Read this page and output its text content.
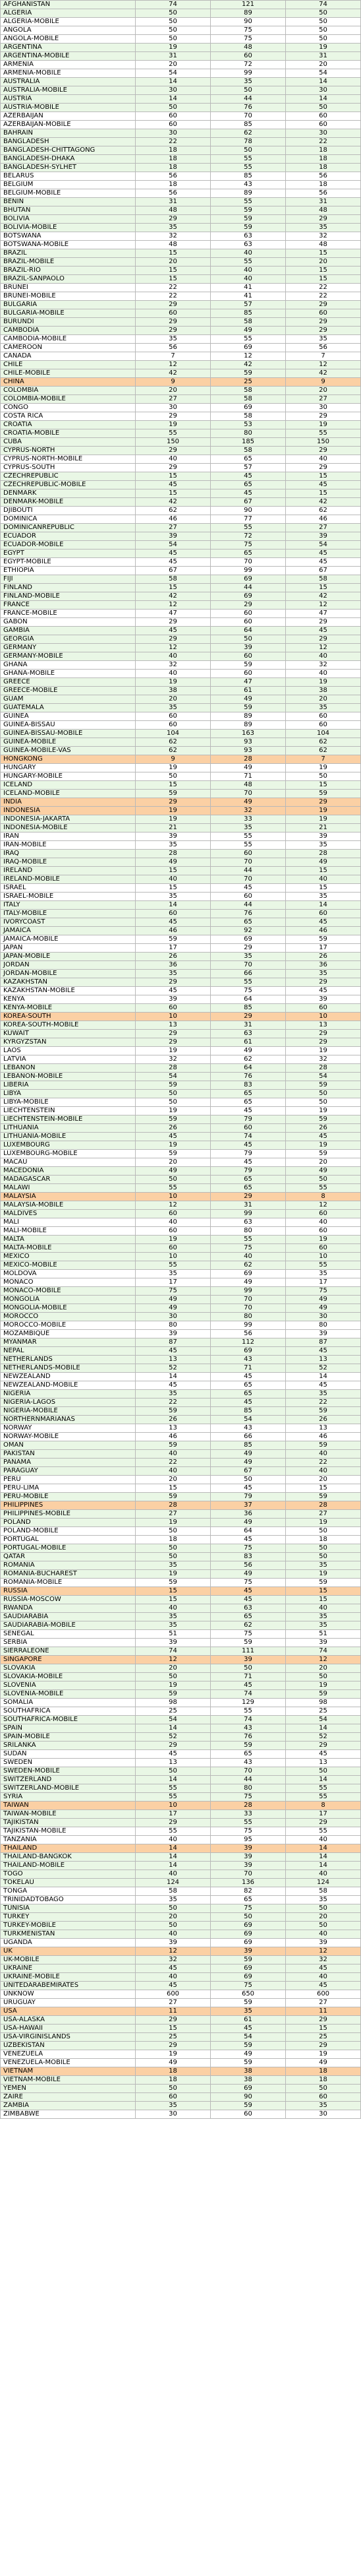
AFGHANISTAN	74	121	74
ALGERIA	50	89	50
ALGERIA-MOBILE	50	90	50
ANGOLA	50	75	50
ANGOLA-MOBILE	50	75	50
ARGENTINA	19	48	19
ARGENTINA-MOBILE	31	60	31
ARMENIA	20	72	20
ARMENIA-MOBILE	54	99	54
AUSTRALIA	14	35	14
AUSTRALIA-MOBILE	30	50	30
AUSTRIA	14	44	14
AUSTRIA-MOBILE	50	76	50
AZERBAIJAN	60	70	60
AZERBAIJAN-MOBILE	60	85	60
BAHRAIN	30	62	30
BANGLADESH	22	78	22
BANGLADESH-CHITTAGONG	18	50	18
BANGLADESH-DHAKA	18	55	18
BANGLADESH-SYLHET	18	55	18
BELARUS	56	85	56
BELGIUM	18	43	18
BELGIUM-MOBILE	56	89	56
BENIN	31	55	31
BHUTAN	48	59	48
BOLIVIA	29	59	29
BOLIVIA-MOBILE	35	59	35
BOTSWANA	32	63	32
BOTSWANA-MOBILE	48	63	48
BRAZIL	15	40	15
BRAZIL-MOBILE	20	55	20
BRAZIL-RIO	15	40	15
BRAZIL-SANPAOLO	15	40	15
BRUNEI	22	41	22
BRUNEI-MOBILE	22	41	22
BULGARIA	29	57	29
BULGARIA-MOBILE	60	85	60
BURUNDI	29	58	29
CAMBODIA	29	49	29
CAMBODIA-MOBILE	35	55	35
CAMEROON	56	69	56
CANADA	7	12	7
CHILE	12	42	12
CHILE-MOBILE	42	59	42
CHINA	9	25	9
COLOMBIA	20	58	20
COLOMBIA-MOBILE	27	58	27
CONGO	30	69	30
COSTA RICA	29	58	29
CROATIA	19	53	19
CROATIA-MOBILE	55	80	55
CUBA	150	185	150
CYPRUS-NORTH	29	58	29
CYPRUS-NORTH-MOBILE	40	65	40
CYPRUS-SOUTH	29	57	29
CZECHREPUBLIC	15	45	15
CZECHREPUBLIC-MOBILE	45	65	45
DENMARK	15	45	15
DENMARK-MOBILE	42	67	42
DJIBOUTI	62	90	62
DOMINICA	46	77	46
DOMINICANREPUBLIC	27	55	27
ECUADOR	39	72	39
ECUADOR-MOBILE	54	75	54
EGYPT	45	65	45
EGYPT-MOBILE	45	70	45
ETHIOPIA	67	99	67
FIJI	58	69	58
FINLAND	15	44	15
FINLAND-MOBILE	42	69	42
FRANCE	12	29	12
FRANCE-MOBILE	47	60	47
GABON	29	60	29
GAMBIA	45	64	45
GEORGIA	29	50	29
GERMANY	12	39	12
GERMANY-MOBILE	40	60	40
GHANA	32	59	32
GHANA-MOBILE	40	60	40
GREECE	19	47	19
GREECE-MOBILE	38	61	38
GUAM	20	49	20
GUATEMALA	35	59	35
GUINEA	60	89	60
GUINEA-BISSAU	60	89	60
GUINEA-BISSAU-MOBILE	104	163	104
GUINEA-MOBILE	62	93	62
GUINEA-MOBILE-VAS	62	93	62
HONGKONG	9	28	7
HUNGARY	19	49	19
HUNGARY-MOBILE	50	71	50
ICELAND	15	48	15
ICELAND-MOBILE	59	70	59
INDIA	29	49	29
INDONESIA	19	32	19
INDONESIA-JAKARTA	19	33	19
INDONESIA-MOBILE	21	35	21
IRAN	39	55	39
IRAN-MOBILE	35	55	35
IRAQ	28	60	28
IRAQ-MOBILE	49	70	49
IRELAND	15	44	15
IRELAND-MOBILE	40	70	40
ISRAEL	15	45	15
ISRAEL-MOBILE	35	60	35
ITALY	14	44	14
ITALY-MOBILE	60	76	60
IVORYCOAST	45	65	45
JAMAICA	46	92	46
JAMAICA-MOBILE	59	69	59
JAPAN	17	29	17
JAPAN-MOBILE	26	35	26
JORDAN	36	70	36
JORDAN-MOBILE	35	66	35
KAZAKHSTAN	29	55	29
KAZAKHSTAN-MOBILE	45	75	45
KENYA	39	64	39
KENYA-MOBILE	60	85	60
KOREA-SOUTH	10	29	10
KOREA-SOUTH-MOBILE	13	31	13
KUWAIT	29	63	29
KYRGYZSTAN	29	61	29
LAOS	19	49	19
LATVIA	32	62	32
LEBANON	28	64	28
LEBANON-MOBILE	54	76	54
LIBERIA	59	83	59
LIBYA	50	65	50
LIBYA-MOBILE	50	65	50
LIECHTENSTEIN	19	45	19
LIECHTENSTEIN-MOBILE	59	79	59
LITHUANIA	26	60	26
LITHUANIA-MOBILE	45	74	45
LUXEMBOURG	19	45	19
LUXEMBOURG-MOBILE	59	79	59
MACAU	20	45	20
MACEDONIA	49	79	49
MADAGASCAR	50	65	50
MALAWI	55	65	55
MALAYSIA	10	29	8
MALAYSIA-MOBILE	12	31	12
MALDIVES	60	99	60
MALI	40	63	40
MALI-MOBILE	60	80	60
MALTA	19	55	19
MALTA-MOBILE	60	75	60
MEXICO	10	40	10
MEXICO-MOBILE	55	62	55
MOLDOVA	35	69	35
MONACO	17	49	17
MONACO-MOBILE	75	99	75
MONGOLIA	49	70	49
MONGOLIA-MOBILE	49	70	49
MOROCCO	30	80	30
MOROCCO-MOBILE	80	99	80
MOZAMBIQUE	39	56	39
MYANMAR	87	112	87
NEPAL	45	69	45
NETHERLANDS	13	43	13
NETHERLANDS-MOBILE	52	71	52
NEWZEALAND	14	45	14
NEWZEALAND-MOBILE	45	65	45
NIGERIA	35	65	35
NIGERIA-LAGOS	22	45	22
NIGERIA-MOBILE	59	85	59
NORTHERNMARIANAS	26	54	26
NORWAY	13	43	13
NORWAY-MOBILE	46	66	46
OMAN	59	85	59
PAKISTAN	40	49	40
PANAMA	22	49	22
PARAGUAY	40	67	40
PERU	20	50	20
PERU-LIMA	15	45	15
PERU-MOBILE	59	79	59
PHILIPPINES	28	37	28
PHILIPPINES-MOBILE	27	36	27
POLAND	19	49	19
POLAND-MOBILE	50	64	50
PORTUGAL	18	45	18
PORTUGAL-MOBILE	50	75	50
QATAR	50	83	50
ROMANIA	35	56	35
ROMANIA-BUCHAREST	19	49	19
ROMANIA-MOBILE	59	75	59
RUSSIA	15	45	15
RUSSIA-MOSCOW	15	45	15
RWANDA	40	63	40
SAUDIARABIA	35	65	35
SAUDIARABIA-MOBILE	35	62	35
SENEGAL	51	75	51
SERBIA	39	59	39
SIERRALEONE	74	111	74
SINGAPORE	12	39	12
SLOVAKIA	20	50	20
SLOVAKIA-MOBILE	50	71	50
SLOVENIA	19	45	19
SLOVENIA-MOBILE	59	74	59
SOMALIA	98	129	98
SOUTHAFRICA	25	55	25
SOUTHAFRICA-MOBILE	54	74	54
SPAIN	14	43	14
SPAIN-MOBILE	52	76	52
SRILANKA	29	59	29
SUDAN	45	65	45
SWEDEN	13	43	13
SWEDEN-MOBILE	50	70	50
SWITZERLAND	14	44	14
SWITZERLAND-MOBILE	55	80	55
SYRIA	55	75	55
TAIWAN	10	28	8
TAIWAN-MOBILE	17	33	17
TAJIKISTAN	29	55	29
TAJIKISTAN-MOBILE	55	75	55
TANZANIA	40	95	40
THAILAND	14	39	14
THAILAND-BANGKOK	14	39	14
THAILAND-MOBILE	14	39	14
TOGO	40	70	40
TOKELAU	124	136	124
TONGA	58	82	58
TRINIDADTOBAGO	35	65	35
TUNISIA	50	75	50
TURKEY	20	50	20
TURKEY-MOBILE	50	69	50
TURKMENISTAN	40	69	40
UGANDA	39	69	39
UK	12	39	12
UK-MOBILE	32	59	32
UKRAINE	45	69	45
UKRAINE-MOBILE	40	69	40
UNITEDARABEMIRATES	45	75	45
UNKNOW	600	650	600
URUGUAY	27	59	27
USA	11	35	11
USA-ALASKA	29	61	29
USA-HAWAII	15	45	15
USA-VIRGINISLANDS	25	54	25
UZBEKISTAN	29	59	29
VENEZUELA	19	49	19
VENEZUELA-MOBILE	49	59	49
VIETNAM	18	38	18
VIETNAM-MOBILE	18	38	18
YEMEN	50	69	50
ZAIRE	60	90	60
ZAMBIA	35	59	35
ZIMBABWE	30	60	30
